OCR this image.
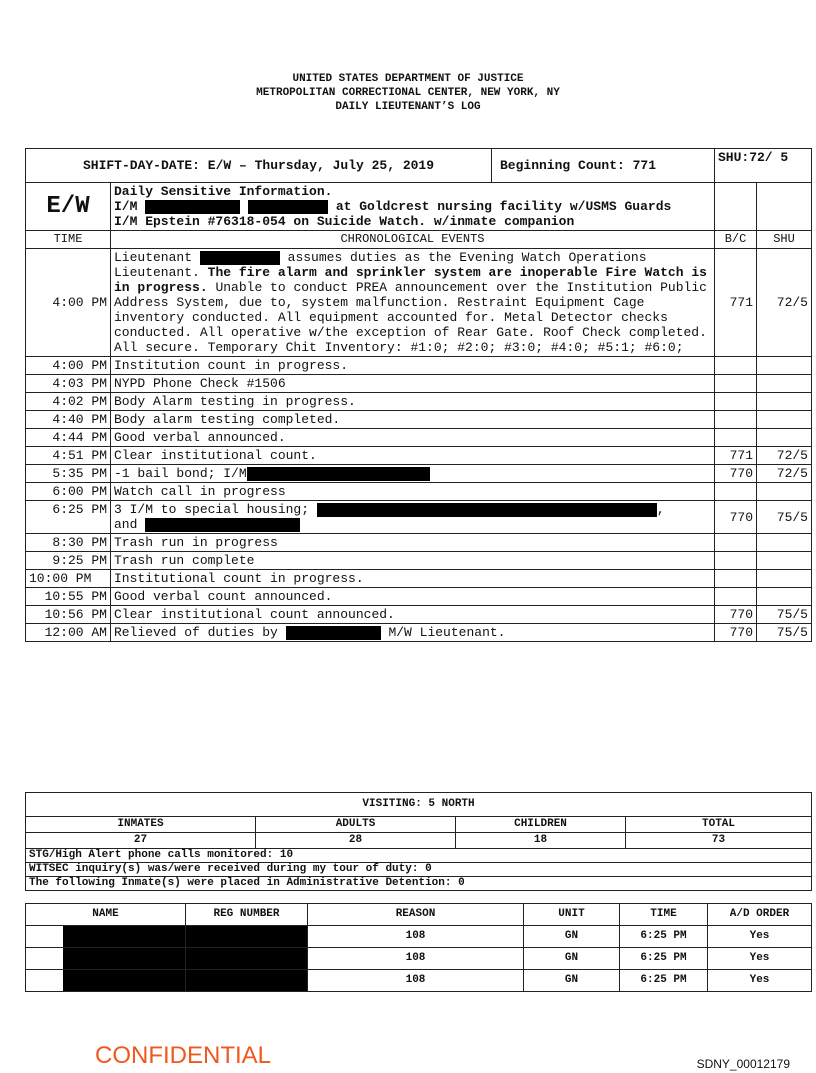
UNITED STATES DEPARTMENT OF JUSTICE
METROPOLITAN CORRECTIONAL CENTER, NEW YORK, NY
DAILY LIEUTENANT’S LOG
SHIFT-DAY-DATE: E/W – Thursday, July 25, 2019 Beginning Count: 771		SHU:72/ 5	
E/W	Daily Sensitive Information.
I/M at Goldcrest nursing facility w/USMS Guards
I/M Epstein #76318-054 on Suicide Watch. w/inmate companion		

TIME	CHRONOLOGICAL EVENTS	B/C	SHU
4:00 PM	Lieutenant assumes duties as the Evening Watch Operations Lieutenant. The fire alarm and sprinkler system are inoperable Fire Watch is in progress. Unable to conduct PREA announcement over the Institution Public Address System, due to, system malfunction. Restraint Equipment Cage inventory conducted. All equipment accounted for. Metal Detector checks conducted. All operative w/the exception of Rear Gate. Roof Check completed. All secure. Temporary Chit Inventory: #1:0; #2:0; #3:0; #4:0; #5:1; #6:0;	771	72/5
4:00 PM	Institution count in progress.		
4:03 PM	NYPD Phone Check #1506		
4:02 PM	Body Alarm testing in progress.		
4:40 PM	Body alarm testing completed.		
4:44 PM	Good verbal announced.		
4:51 PM	Clear institutional count.	771	72/5
5:35 PM	-1 bail bond; I/M	770	72/5
6:00 PM	Watch call in progress		
6:25 PM	3 I/M to special housing; ,
and	770	75/5
8:30 PM	Trash run in progress		
9:25 PM	Trash run complete		
10:00 PM	Institutional count in progress.		
10:55 PM	Good verbal count announced.		
10:56 PM	Clear institutional count announced.	770	75/5
12:00 AM	Relieved of duties by M/W Lieutenant.	770	75/5
VISITING: 5 NORTH			
INMATES	ADULTS	CHILDREN	TOTAL
27	28	18	73
STG/High Alert phone calls monitored: 10			
WITSEC inquiry(s) was/were received during my tour of duty: 0			
The following Inmate(s) were placed in Administrative Detention: 0			
NAME	REG NUMBER	REASON	UNIT	TIME	A/D ORDER

		108	GN	6:25 PM	Yes

		108	GN	6:25 PM	Yes

		108	GN	6:25 PM	Yes
CONFIDENTIAL	SDNY_00012179
